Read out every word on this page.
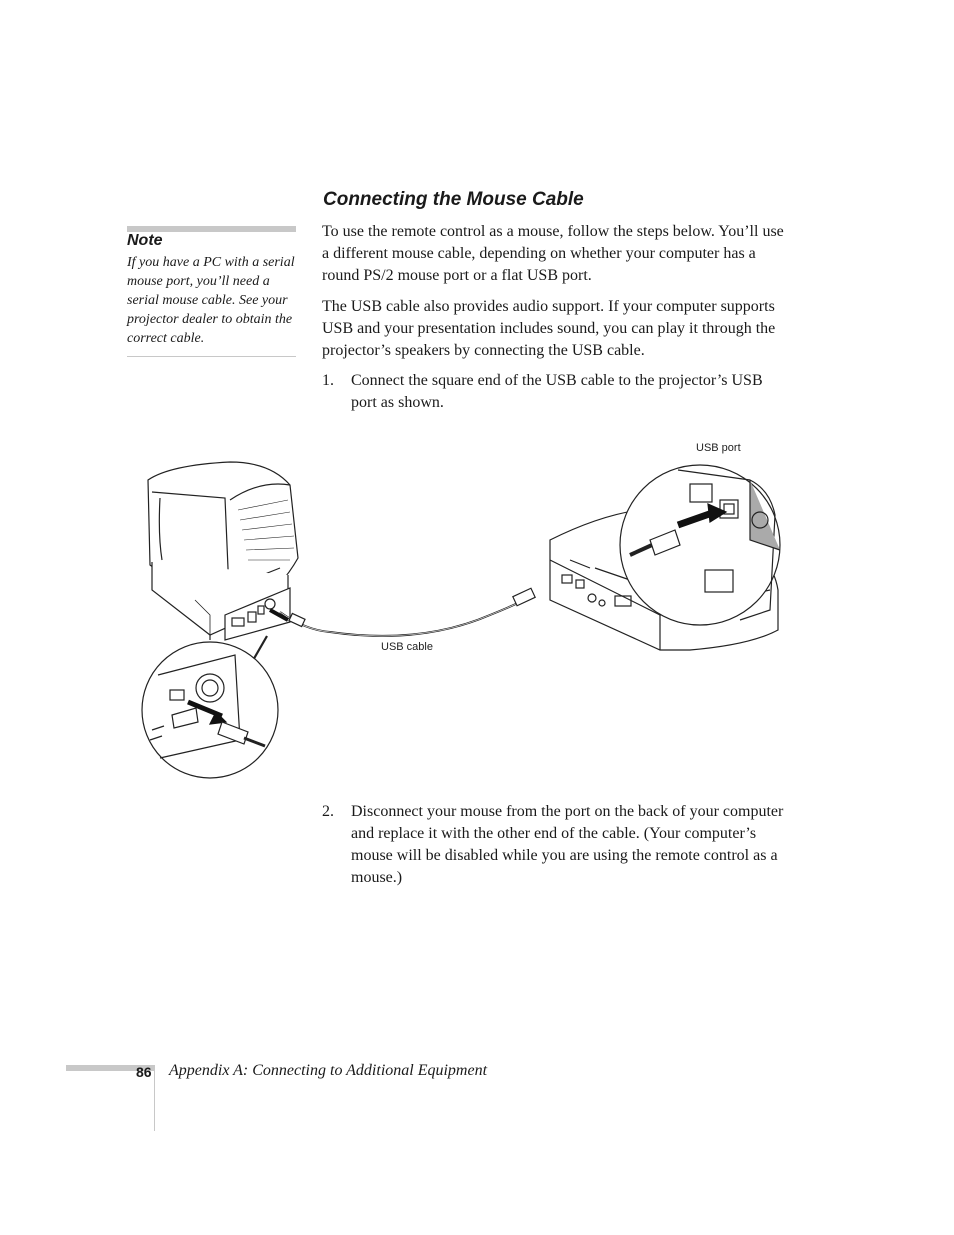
Connecting the Mouse Cable
Note
If you have a PC with a serial mouse port, you’ll need a serial mouse cable. See your projector dealer to obtain the correct cable.

To use the remote control as a mouse, follow the steps below. You’ll use a different mouse cable, depending on whether your computer has a round PS/2 mouse port or a flat USB port.

The USB cable also provides audio support. If your computer supports USB and your presentation includes sound, you can play it through the projector’s speakers by connecting the USB cable.

1. Connect the square end of the USB cable to the projector’s USB port as shown.
USB port
USB cable
2. Disconnect your mouse from the port on the back of your computer and replace it with the other end of the cable. (Your computer’s mouse will be disabled while you are using the remote control as a mouse.)
86 Appendix A: Connecting to Additional Equipment
